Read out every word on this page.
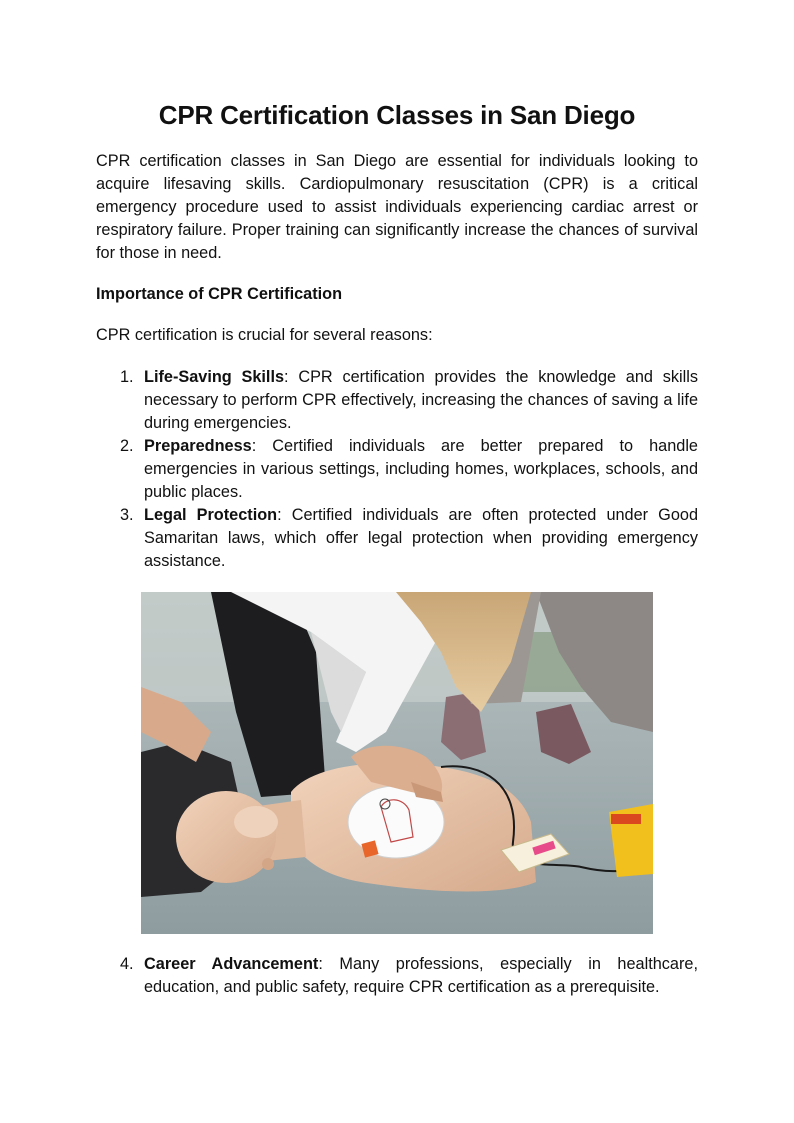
CPR Certification Classes in San Diego

CPR certification classes in San Diego are essential for individuals looking to acquire lifesaving skills. Cardiopulmonary resuscitation (CPR) is a critical emergency procedure used to assist individuals experiencing cardiac arrest or respiratory failure. Proper training can significantly increase the chances of survival for those in need.

Importance of CPR Certification

CPR certification is crucial for several reasons:

1. Life-Saving Skills: CPR certification provides the knowledge and skills necessary to perform CPR effectively, increasing the chances of saving a life during emergencies.
2. Preparedness: Certified individuals are better prepared to handle emergencies in various settings, including homes, workplaces, schools, and public places.
3. Legal Protection: Certified individuals are often protected under Good Samaritan laws, which offer legal protection when providing emergency assistance.
4. Career Advancement: Many professions, especially in healthcare, education, and public safety, require CPR certification as a prerequisite.
